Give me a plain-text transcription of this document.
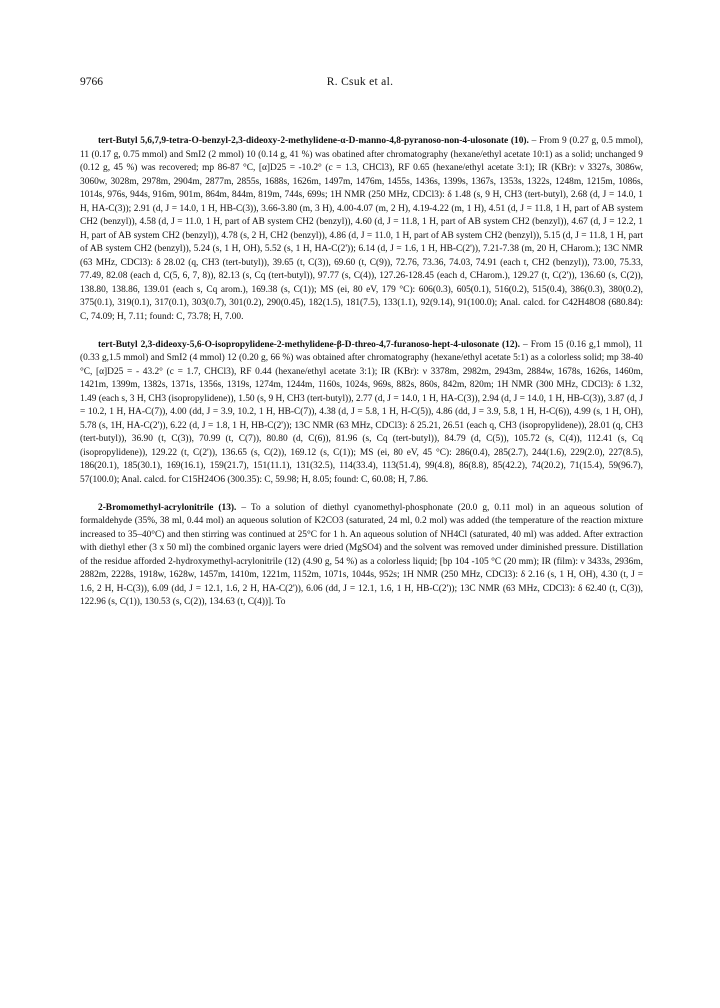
9766	R. Csuk et al.

tert-Butyl 5,6,7,9-tetra-O-benzyl-2,3-dideoxy-2-methylidene-α-D-manno-4,8-pyranoso-non-4-ulosonate (10). – From 9 (0.27 g, 0.5 mmol), 11 (0.17 g, 0.75 mmol) and SmI2 (2 mmol) 10 (0.14 g, 41 %) was obatined after chromatography (hexane/ethyl acetate 10:1) as a solid; unchanged 9 (0.12 g, 45 %) was recovered; mp 86-87 °C, [α]D25 = -10.2° (c = 1.3, CHCl3), RF 0.65 (hexane/ethyl acetate 3:1); IR (KBr): ν 3327s, 3086w, 3060w, 3028m, 2978m, 2904m, 2877m, 2855s, 1688s, 1626m, 1497m, 1476m, 1455s, 1436s, 1399s, 1367s, 1353s, 1322s, 1248m, 1215m, 1086s, 1014s, 976s, 944s, 916m, 901m, 864m, 844m, 819m, 744s, 699s; 1H NMR (250 MHz, CDCl3): δ 1.48 (s, 9 H, CH3 (tert-butyl), 2.68 (d, J = 14.0, 1 H, HA-C(3)); 2.91 (d, J = 14.0, 1 H, HB-C(3)), 3.66-3.80 (m, 3 H), 4.00-4.07 (m, 2 H), 4.19-4.22 (m, 1 H), 4.51 (d, J = 11.8, 1 H, part of AB system CH2 (benzyl)), 4.58 (d, J = 11.0, 1 H, part of AB system CH2 (benzyl)), 4.60 (d, J = 11.8, 1 H, part of AB system CH2 (benzyl)), 4.67 (d, J = 12.2, 1 H, part of AB system CH2 (benzyl)), 4.78 (s, 2 H, CH2 (benzyl)), 4.86 (d, J = 11.0, 1 H, part of AB system CH2 (benzyl)), 5.15 (d, J = 11.8, 1 H, part of AB system CH2 (benzyl)), 5.24 (s, 1 H, OH), 5.52 (s, 1 H, HA-C(2')); 6.14 (d, J = 1.6, 1 H, HB-C(2')), 7.21-7.38 (m, 20 H, CHarom.); 13C NMR (63 MHz, CDCl3): δ 28.02 (q, CH3 (tert-butyl)), 39.65 (t, C(3)), 69.60 (t, C(9)), 72.76, 73.36, 74.03, 74.91 (each t, CH2 (benzyl)), 73.00, 75.33, 77.49, 82.08 (each d, C(5, 6, 7, 8)), 82.13 (s, Cq (tert-butyl)), 97.77 (s, C(4)), 127.26-128.45 (each d, CHarom.), 129.27 (t, C(2')), 136.60 (s, C(2)), 138.80, 138.86, 139.01 (each s, Cq arom.), 169.38 (s, C(1)); MS (ei, 80 eV, 179 °C): 606(0.3), 605(0.1), 516(0.2), 515(0.4), 386(0.3), 380(0.2), 375(0.1), 319(0.1), 317(0.1), 303(0.7), 301(0.2), 290(0.45), 182(1.5), 181(7.5), 133(1.1), 92(9.14), 91(100.0); Anal. calcd. for C42H48O8 (680.84): C, 74.09; H, 7.11; found: C, 73.78; H, 7.00.

tert-Butyl 2,3-dideoxy-5,6-O-isopropylidene-2-methylidene-β-D-threo-4,7-furanoso-hept-4-ulosonate (12). – From 15 (0.16 g,1 mmol), 11 (0.33 g,1.5 mmol) and SmI2 (4 mmol) 12 (0.20 g, 66 %) was obtained after chromatography (hexane/ethyl acetate 5:1) as a colorless solid; mp 38-40 °C, [α]D25 = - 43.2° (c = 1.7, CHCl3), RF 0.44 (hexane/ethyl acetate 3:1); IR (KBr): ν 3378m, 2982m, 2943m, 2884w, 1678s, 1626s, 1460m, 1421m, 1399m, 1382s, 1371s, 1356s, 1319s, 1274m, 1244m, 1160s, 1024s, 969s, 882s, 860s, 842m, 820m; 1H NMR (300 MHz, CDCl3): δ 1.32, 1.49 (each s, 3 H, CH3 (isopropylidene)), 1.50 (s, 9 H, CH3 (tert-butyl)), 2.77 (d, J = 14.0, 1 H, HA-C(3)), 2.94 (d, J = 14.0, 1 H, HB-C(3)), 3.87 (d, J = 10.2, 1 H, HA-C(7)), 4.00 (dd, J = 3.9, 10.2, 1 H, HB-C(7)), 4.38 (d, J = 5.8, 1 H, H-C(5)), 4.86 (dd, J = 3.9, 5.8, 1 H, H-C(6)), 4.99 (s, 1 H, OH), 5.78 (s, 1H, HA-C(2')), 6.22 (d, J = 1.8, 1 H, HB-C(2')); 13C NMR (63 MHz, CDCl3): δ 25.21, 26.51 (each q, CH3 (isopropylidene)), 28.01 (q, CH3 (tert-butyl)), 36.90 (t, C(3)), 70.99 (t, C(7)), 80.80 (d, C(6)), 81.96 (s, Cq (tert-butyl)), 84.79 (d, C(5)), 105.72 (s, C(4)), 112.41 (s, Cq (isopropylidene)), 129.22 (t, C(2')), 136.65 (s, C(2)), 169.12 (s, C(1)); MS (ei, 80 eV, 45 °C): 286(0.4), 285(2.7), 244(1.6), 229(2.0), 227(8.5), 186(20.1), 185(30.1), 169(16.1), 159(21.7), 151(11.1), 131(32.5), 114(33.4), 113(51.4), 99(4.8), 86(8.8), 85(42.2), 74(20.2), 71(15.4), 59(96.7), 57(100.0); Anal. calcd. for C15H24O6 (300.35): C, 59.98; H, 8.05; found: C, 60.08; H, 7.86.

2-Bromomethyl-acrylonitrile (13). – To a solution of diethyl cyanomethyl-phosphonate (20.0 g, 0.11 mol) in an aqueous solution of formaldehyde (35%, 38 ml, 0.44 mol) an aqueous solution of K2CO3 (saturated, 24 ml, 0.2 mol) was added (the temperature of the reaction mixture increased to 35–40°C) and then stirring was continued at 25°C for 1 h. An aqueous solution of NH4Cl (saturated, 40 ml) was added. After extraction with diethyl ether (3 x 50 ml) the combined organic layers were dried (MgSO4) and the solvent was removed under diminished pressure. Distillation of the residue afforded 2-hydroxymethyl-acrylonitrile (12) (4.90 g, 54 %) as a colorless liquid; [bp 104 -105 °C (20 mm); IR (film): ν 3433s, 2936m, 2882m, 2228s, 1918w, 1628w, 1457m, 1410m, 1221m, 1152m, 1071s, 1044s, 952s; 1H NMR (250 MHz, CDCl3): δ 2.16 (s, 1 H, OH), 4.30 (t, J = 1.6, 2 H, H-C(3)), 6.09 (dd, J = 12.1, 1.6, 2 H, HA-C(2')), 6.06 (dd, J = 12.1, 1.6, 1 H, HB-C(2')); 13C NMR (63 MHz, CDCl3): δ 62.40 (t, C(3)), 122.96 (s, C(1)), 130.53 (s, C(2)), 134.63 (t, C(4))]. To
